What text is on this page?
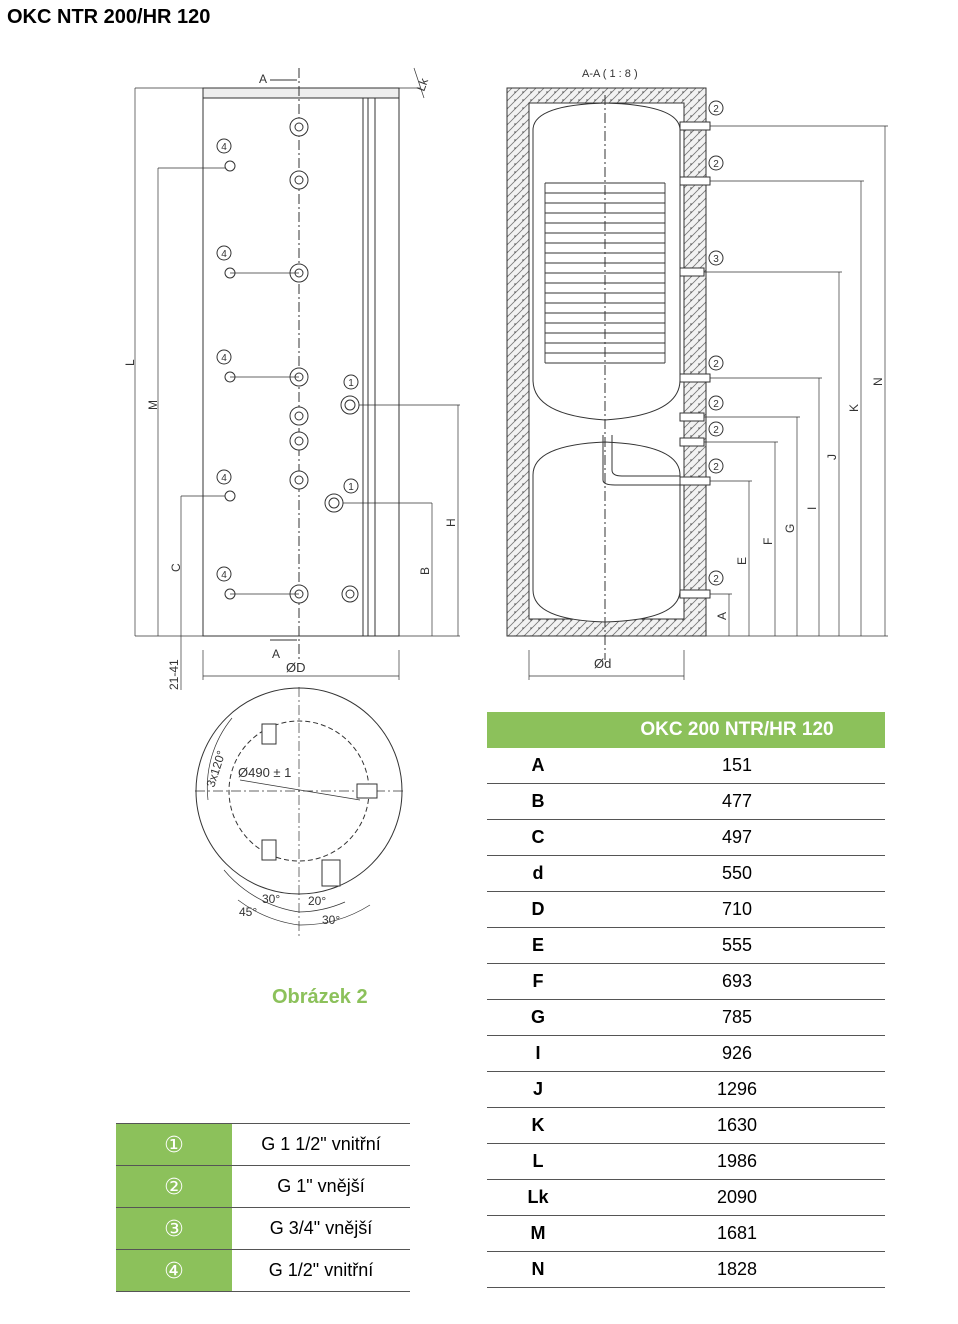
OKC NTR 200/HR 120
A
A
A-A ( 1 : 8 )
ØD	Ød
21-41
Lk
Ø490 ± 1
3x120°
30° 20°
45°
30°
L
M
C	B
H
N
K
J
I
G
F
E
A
2
2
3
2
2
2
2
2
4
4
4
4
4
1
1
	OKC 200 NTR/HR 120
A	151
B	477
C	497
d	550
D	710
E	555
F	693
G	785
I	926
J	1296
K	1630
L	1986
Lk	2090
M	1681
N	1828
Obrázek 2
①	G 1 1/2" vnitřní
②	G 1" vnější
③	G 3/4" vnější
④	G 1/2" vnitřní
